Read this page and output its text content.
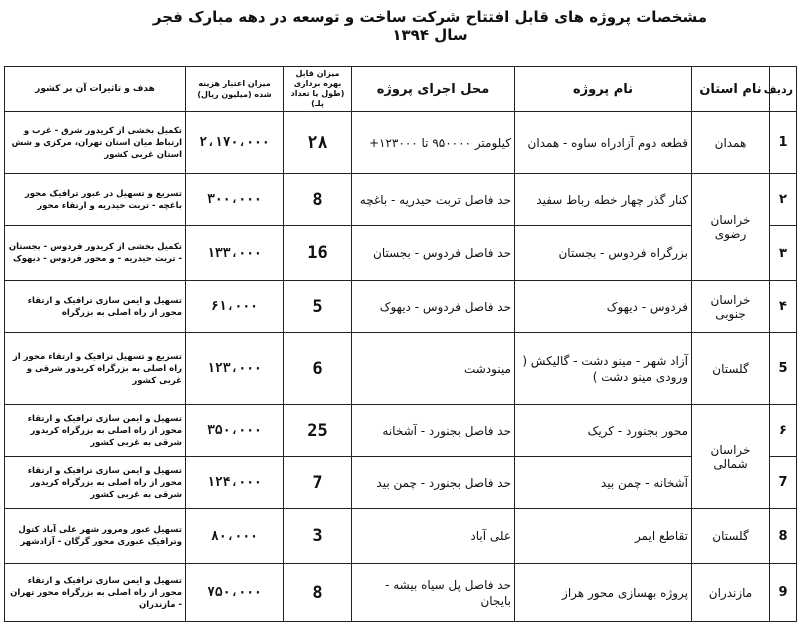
مشخصات پروژه های قابل افتتاح شرکت ساخت و توسعه در دهه مبارک فجر سال ۱۳۹۴
ردیف	نام استان	نام پروژه	محل اجرای پروژه	میزان قابل بهره برداری (طول یا تعداد پلـ)	میزان اعتبار هزینه شده (میلیون ریال)	هدف و تاثیرات آن بر کشور
1	همدان	قطعه دوم آزادراه ساوه - همدان	کیلومتر ۹۵۰۰۰۰ تا ۱۲۳۰۰۰+	۲۸	۲،۱۷۰،۰۰۰	تکمیل بخشی از کریدور شرق - غرب و ارتباط میان استان تهران، مرکزی و شش استان غربی کشور
۲	خراسان رضوی	کنار گذر چهار خطه رباط سفید	حد فاصل تربت حیدریه - باغچه	8	۳۰۰،۰۰۰	تسریع و تسهیل در عبور ترافیک محور باغچه - تربت حیدریه و ارتقاء محور
۳		بزرگراه فردوس - بجستان	حد فاصل فردوس - بجستان	16	۱۳۳،۰۰۰	تکمیل بخشی از کریدور فردوس - بجستان - تربت حیدریه - و محور فردوس - دیهوک
۴	خراسان جنوبی	فردوس - دیهوک	حد فاصل فردوس - دیهوک	5	۶۱،۰۰۰	تسهیل و ایمن سازی ترافیک و ارتقاء محور از راه اصلی به بزرگراه
5	گلستان	آزاد شهر - مینو دشت - گالیکش ( ورودی مینو دشت )	مینودشت	6	۱۲۳،۰۰۰	تسریع و تسهیل ترافیک و ارتقاء محور از راه اصلی به بزرگراه کریدور شرقی و غربی کشور
۶	خراسان شمالی	محور بجنورد - کریک	حد فاصل بجنورد - آشخانه	25	۳۵۰،۰۰۰	تسهیل و ایمن سازی ترافیک و ارتقاء محور از راه اصلی به بزرگراه کریدور شرقی به غربی کشور
7		آشخانه - چمن بید	حد فاصل بجنورد - چمن بید	7	۱۲۴،۰۰۰	تسهیل و ایمن سازی ترافیک و ارتقاء محور از راه اصلی به بزرگراه کریدور شرقی به غربی کشور
8	گلستان	تقاطع ایمر	علی آباد	3	۸۰،۰۰۰	تسهیل عبور ومرور شهر علی آباد کتول وترافیک عبوری محور گرگان - آزادشهر
9	مازندران	پروژه بهسازی محور هراز	حد فاصل پل سیاه بیشه - بایجان	8	۷۵۰،۰۰۰	تسهیل و ایمن سازی ترافیک و ارتقاء محور از راه اصلی به بزرگراه محور تهران - مازندران
